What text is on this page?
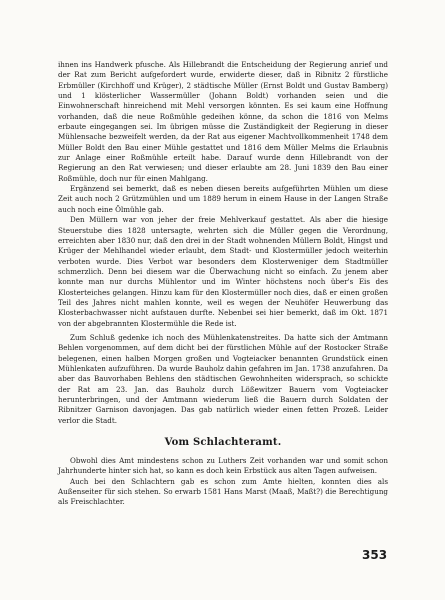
ihnen ins Handwerk pfusche. Als Hillebrandt die Entscheidung der Regierung anrief und der Rat zum Bericht aufgefordert wurde, erwiderte dieser, daß in Ribnitz 2 fürstliche Erbmüller (Kirchhoff und Krüger), 2 städtische Müller (Ernst Boldt und Gustav Bamberg) und 1 klösterlicher Wassermüller (Johann Boldt) vorhanden seien und die Einwohnerschaft hinreichend mit Mehl versorgen könnten. Es sei kaum eine Hoffnung vorhanden, daß die neue Roßmühle gedeihen könne, da schon die 1816 von Melms erbaute eingegangen sei. Im übrigen müsse die Zuständigkeit der Regierung in dieser Mühlensache bezweifelt werden, da der Rat aus eigener Machtvollkommenheit 1748 dem Müller Boldt den Bau einer Mühle gestattet und 1816 dem Müller Melms die Erlaubnis zur Anlage einer Roßmühle erteilt habe. Darauf wurde denn Hillebrandt von der Regierung an den Rat verwiesen; und dieser erlaubte am 28. Juni 1839 den Bau einer Roßmühle, doch nur für einen Mahlgang.

Ergänzend sei bemerkt, daß es neben diesen bereits aufgeführten Mühlen um diese Zeit auch noch 2 Grützmühlen und um 1889 herum in einem Hause in der Langen Straße auch noch eine Ölmühle gab.

Den Müllern war von jeher der freie Mehlverkauf gestattet. Als aber die hiesige Steuerstube dies 1828 untersagte, wehrten sich die Müller gegen die Verordnung, erreichten aber 1830 nur, daß den drei in der Stadt wohnenden Müllern Boldt, Hingst und Krüger der Mehlhandel wieder erlaubt, dem Stadt- und Klostermüller jedoch weiterhin verboten wurde. Dies Verbot war besonders dem Klosterweniger dem Stadtmüller schmerzlich. Denn bei diesem war die Überwachung nicht so einfach. Zu jenem aber konnte man nur durchs Mühlentor und im Winter höchstens noch über's Eis des Klosterteiches gelangen. Hinzu kam für den Klostermüller noch dies, daß er einen großen Teil des Jahres nicht mahlen konnte, weil es wegen der Neuhöfer Heuwerbung das Klosterbachwasser nicht aufstauen durfte. Nebenbei sei hier bemerkt, daß im Okt. 1871 von der abgebrannten Klostermühle die Rede ist.

Zum Schluß gedenke ich noch des Mühlenkatenstreites. Da hatte sich der Amtmann Behlen vorgenommen, auf dem dicht bei der fürstlichen Mühle auf der Rostocker Straße belegenen, einen halben Morgen großen und Vogteiacker benannten Grundstück einen Mühlenkaten aufzuführen. Da wurde Bauholz dahin gefahren im Jan. 1738 anzufahren. Da aber das Bauvorhaben Behlens den städtischen Gewohnheiten widersprach, so schickte der Rat am 23. Jan. das Bauholz durch Lößewitzer Bauern vom Vogteiacker herunterbringen, und der Amtmann wiederum ließ die Bauern durch Soldaten der Ribnitzer Garnison davonjagen. Das gab natürlich wieder einen fetten Prozeß. Leider verlor die Stadt.

Vom Schlachteramt.

Obwohl dies Amt mindestens schon zu Luthers Zeit vorhanden war und somit schon Jahrhunderte hinter sich hat, so kann es doch kein Erbstück aus alten Tagen aufweisen.

Auch bei den Schlachtern gab es schon zum Amte hielten, konnten dies als Außenseiter für sich stehen. So erwarb 1581 Hans Marst (Maaß, Maßt?) die Berechtigung als Freischlachter.

353
